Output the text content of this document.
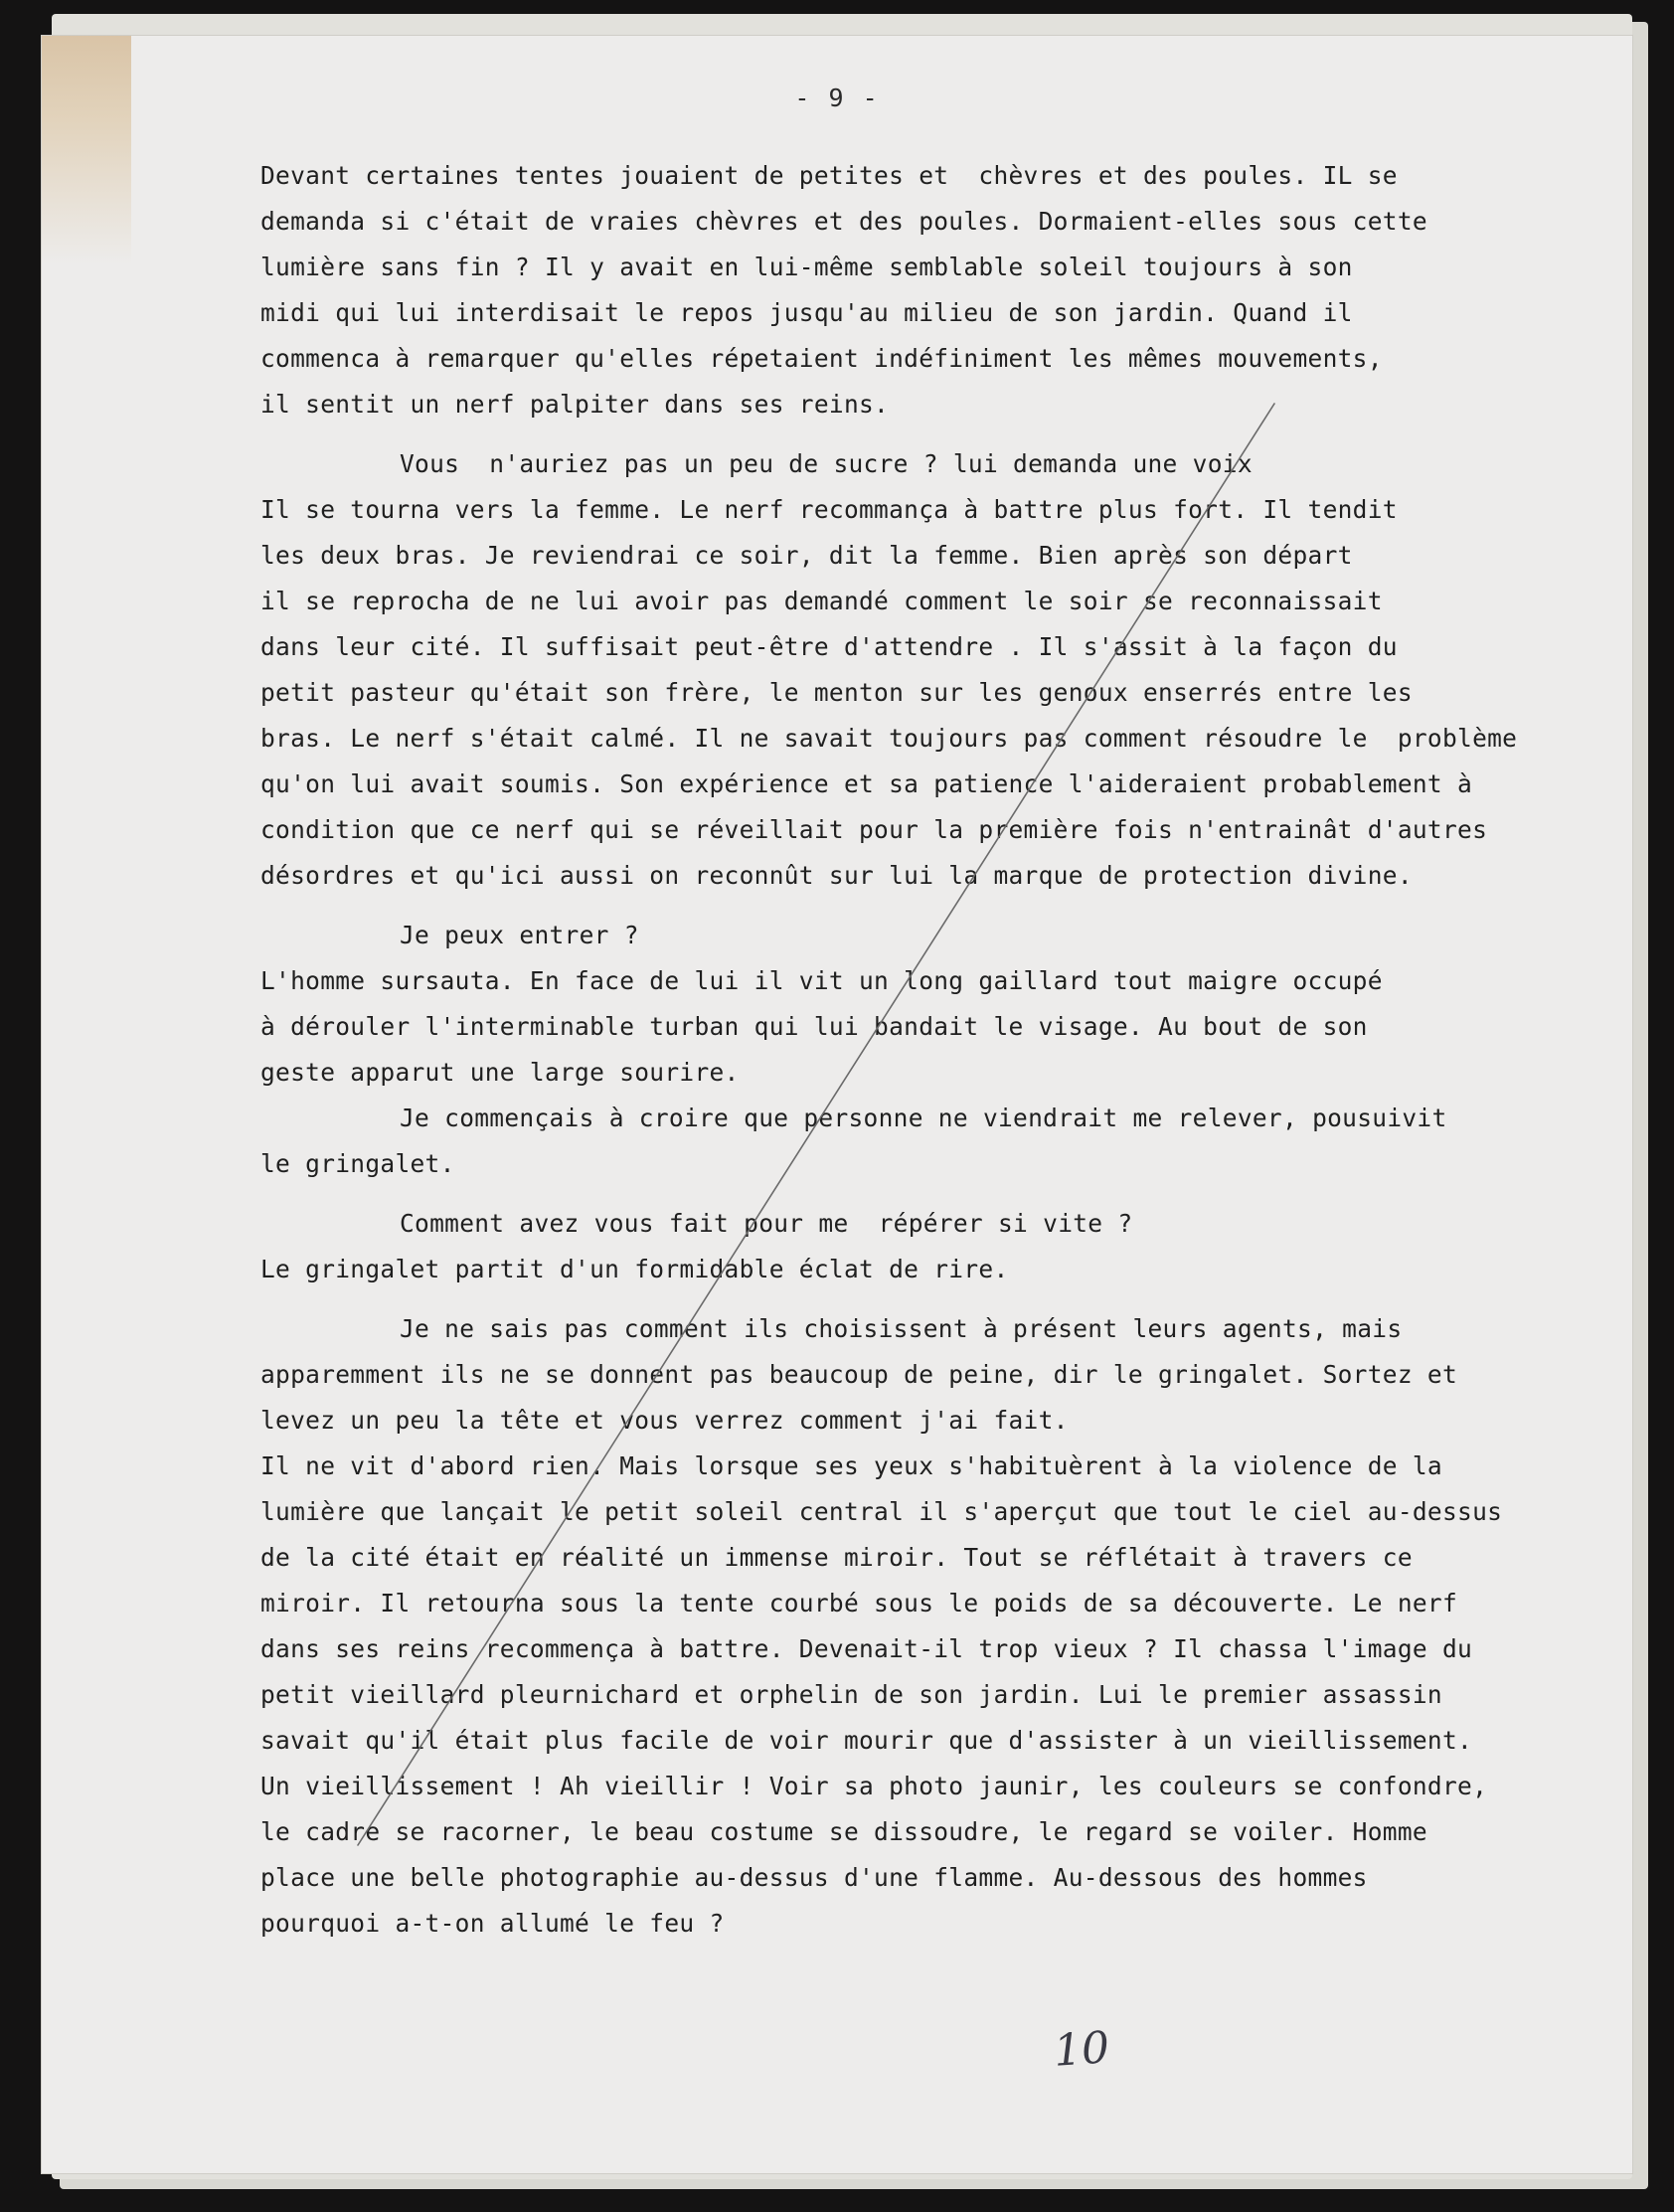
- 9 -
Devant certaines tentes jouaient de petites et  chèvres et des poules. IL se
demanda si c'était de vraies chèvres et des poules. Dormaient-elles sous cette
lumière sans fin ? Il y avait en lui-même semblable soleil toujours à son
midi qui lui interdisait le repos jusqu'au milieu de son jardin. Quand il
commenca à remarquer qu'elles répetaient indéfiniment les mêmes mouvements,
il sentit un nerf palpiter dans ses reins.
Vous  n'auriez pas un peu de sucre ? lui demanda une voix
Il se tourna vers la femme. Le nerf recommança à battre plus fort. Il tendit
les deux bras. Je reviendrai ce soir, dit la femme. Bien après son départ
il se reprocha de ne lui avoir pas demandé comment le soir se reconnaissait
dans leur cité. Il suffisait peut-être d'attendre . Il s'assit à la façon du
petit pasteur qu'était son frère, le menton sur les genoux enserrés entre les
bras. Le nerf s'était calmé. Il ne savait toujours pas comment résoudre le  problème
qu'on lui avait soumis. Son expérience et sa patience l'aideraient probablement à
condition que ce nerf qui se réveillait pour la première fois n'entrainât d'autres
désordres et qu'ici aussi on reconnût sur lui la marque de protection divine.
Je peux entrer ?
L'homme sursauta. En face de lui il vit un long gaillard tout maigre occupé
à dérouler l'interminable turban qui lui bandait le visage. Au bout de son
geste apparut une large sourire.
Je commençais à croire que personne ne viendrait me relever, pousuivit
le gringalet.
Comment avez vous fait pour me  répérer si vite ?
Le gringalet partit d'un formidable éclat de rire.
Je ne sais pas comment ils choisissent à présent leurs agents, mais
apparemment ils ne se donnent pas beaucoup de peine, dir le gringalet. Sortez et
levez un peu la tête et vous verrez comment j'ai fait.
Il ne vit d'abord rien. Mais lorsque ses yeux s'habituèrent à la violence de la
lumière que lançait le petit soleil central il s'aperçut que tout le ciel au-dessus
de la cité était en réalité un immense miroir. Tout se réflétait à travers ce
miroir. Il retourna sous la tente courbé sous le poids de sa découverte. Le nerf
dans ses reins recommença à battre. Devenait-il trop vieux ? Il chassa l'image du
petit vieillard pleurnichard et orphelin de son jardin. Lui le premier assassin
savait qu'il était plus facile de voir mourir que d'assister à un vieillissement.
Un vieillissement ! Ah vieillir ! Voir sa photo jaunir, les couleurs se confondre,
le cadre se racorner, le beau costume se dissoudre, le regard se voiler. Homme
place une belle photographie au-dessus d'une flamme. Au-dessous des hommes
pourquoi a-t-on allumé le feu ?
10
